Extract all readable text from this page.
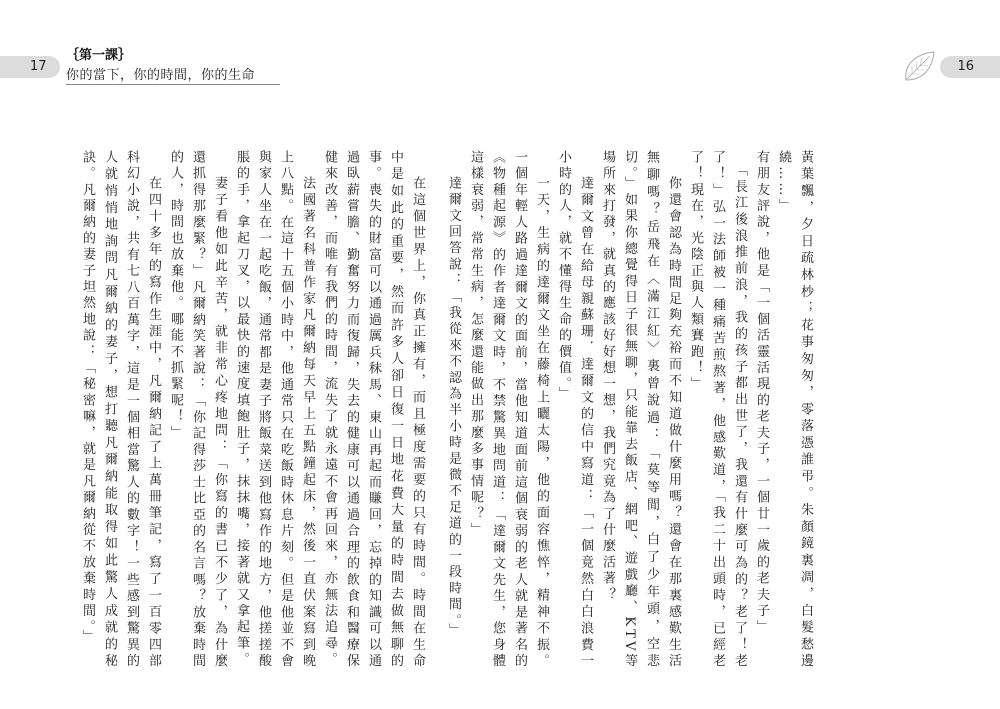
17
｛第一課｝
你的當下，你的時間，你的生命
16

黃葉飄，夕日疏林杪；花事匆匆，零落憑誰弔。朱顏鏡裏凋，白髮愁邊繞……」

有朋友評說，他是「一個活靈活現的老夫子，一個廿一歲的老夫子」

「長江後浪推前浪，我的孩子都出世了，我還有什麼可為的？老了！老了！」弘一法師被一種痛苦煎熬著，他感歎道，「我二十出頭時，已經老了！現在，光陰正與人類賽跑！」

你還會認為時間足夠充裕而不知道做什麼用嗎？還會在那裏感歎生活無聊嗎？岳飛在〈滿江紅〉裏曾說過：「莫等閒，白了少年頭，空悲切。」如果你總覺得日子很無聊，只能靠去飯店、網吧、遊戲廳、KTV等場所來打發，就真的應該好好想一想，我們究竟為了什麼活著？

達爾文曾在給母親蘇珊．達爾文的信中寫道：「一個竟然白白浪費一小時的人，就不懂得生命的價值。」

一天，生病的達爾文坐在藤椅上曬太陽，他的面容憔悴，精神不振。一個年輕人路過達爾文的面前，當他知道面前這個衰弱的老人就是著名的《物種起源》的作者達爾文時，不禁驚異地問道：「達爾文先生，您身體這樣衰弱，常常生病，怎麼還能做出那麼多事情呢？」

達爾文回答說：「我從來不認為半小時是微不足道的一段時間。」

在這個世界上，你真正擁有，而且極度需要的只有時間。時間在生命中是如此的重要，然而許多人卻日復一日地花費大量的時間去做無聊的事。喪失的財富可以通過厲兵秣馬、東山再起而賺回，忘掉的知識可以通過臥薪嘗膽、勤奮努力而復歸，失去的健康可以通過合理的飲食和醫療保健來改善，而唯有我們的時間，流失了就永遠不會再回來，亦無法追尋。

法國著名科普作家凡爾納每天早上五點鐘起床，然後一直伏案寫到晚上八點。在這十五個小時中，他通常只在吃飯時休息片刻。但是他並不會與家人坐在一起吃飯，通常都是妻子將飯菜送到他寫作的地方，他搓搓酸脹的手，拿起刀叉，以最快的速度填飽肚子，抹抹嘴，接著就又拿起筆。

妻子看他如此辛苦，就非常心疼地問：「你寫的書已不少了，為什麼還抓得那麼緊？」凡爾納笑著說：「你記得莎士比亞的名言嗎？放棄時間的人，時間也放棄他。哪能不抓緊呢！」

在四十多年的寫作生涯中，凡爾納記了上萬冊筆記，寫了一百零四部科幻小說，共有七八百萬字，這是一個相當驚人的數字！一些感到驚異的人就悄悄地詢問凡爾納的妻子，想打聽凡爾納能取得如此驚人成就的秘訣。凡爾納的妻子坦然地說：「秘密嘛，就是凡爾納從不放棄時間。」
